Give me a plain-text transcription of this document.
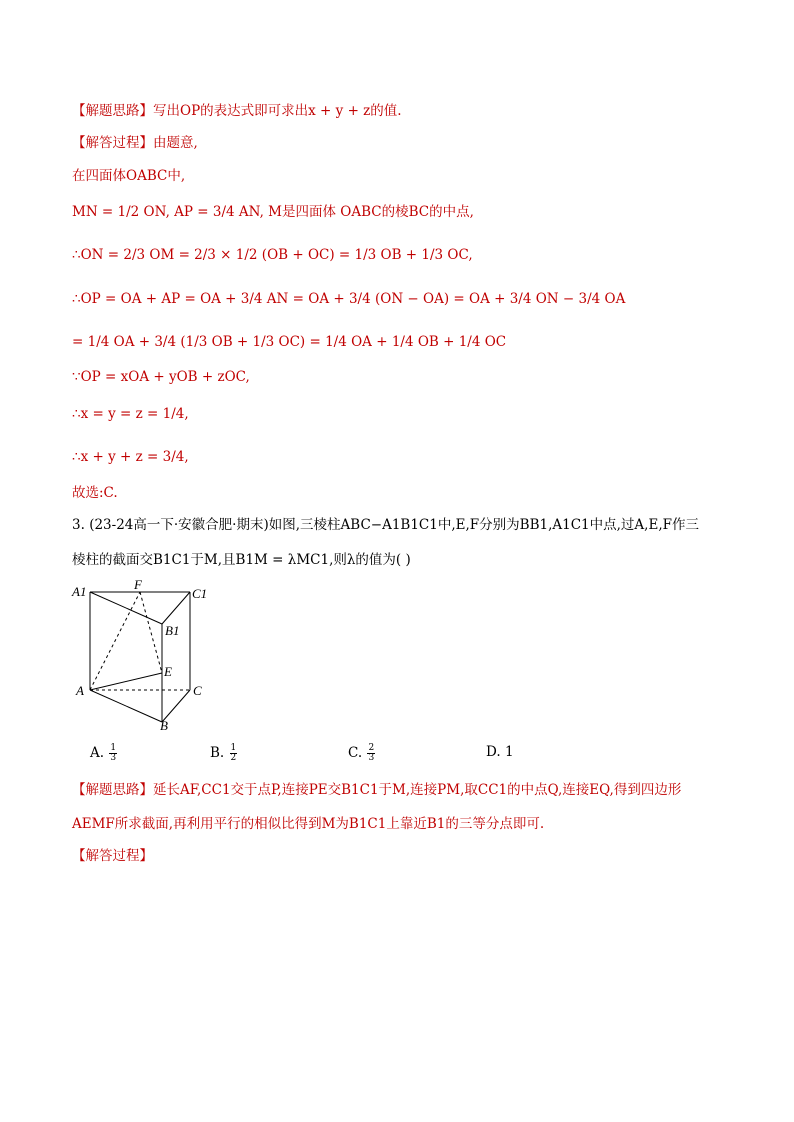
【解题思路】写出OP的表达式即可求出x + y + z的值.
【解答过程】由题意,
在四面体OABC中,
MN = 1/2 ON, AP = 3/4 AN, M是四面体 OABC的棱BC的中点,
∴ON = 2/3 OM = 2/3 × 1/2 (OB + OC) = 1/3 OB + 1/3 OC,
∴OP = OA + AP = OA + 3/4 AN = OA + 3/4 (ON − OA) = OA + 3/4 ON − 3/4 OA
= 1/4 OA + 3/4 (1/3 OB + 1/3 OC) = 1/4 OA + 1/4 OB + 1/4 OC
∵OP = xOA + yOB + zOC,
∴x = y = z = 1/4,
∴x + y + z = 3/4,
故选:C.
3. (23-24高一下·安徽合肥·期末)如图,三棱柱ABC−A1B1C1中,E,F分别为BB1,A1C1中点,过A,E,F作三
棱柱的截面交B1C1于M,且B1M = λMC1,则λ的值为( )
A1	F
C1
B1
E
A	C
B
A. $\frac{1}{3}$	B. $\frac{1}{2}$	C. $\frac{2}{3}$	D. 1
【解题思路】延长AF,CC1交于点P,连接PE交B1C1于M,连接PM,取CC1的中点Q,连接EQ,得到四边形
AEMF所求截面,再利用平行的相似比得到M为B1C1上靠近B1的三等分点即可.
【解答过程】
